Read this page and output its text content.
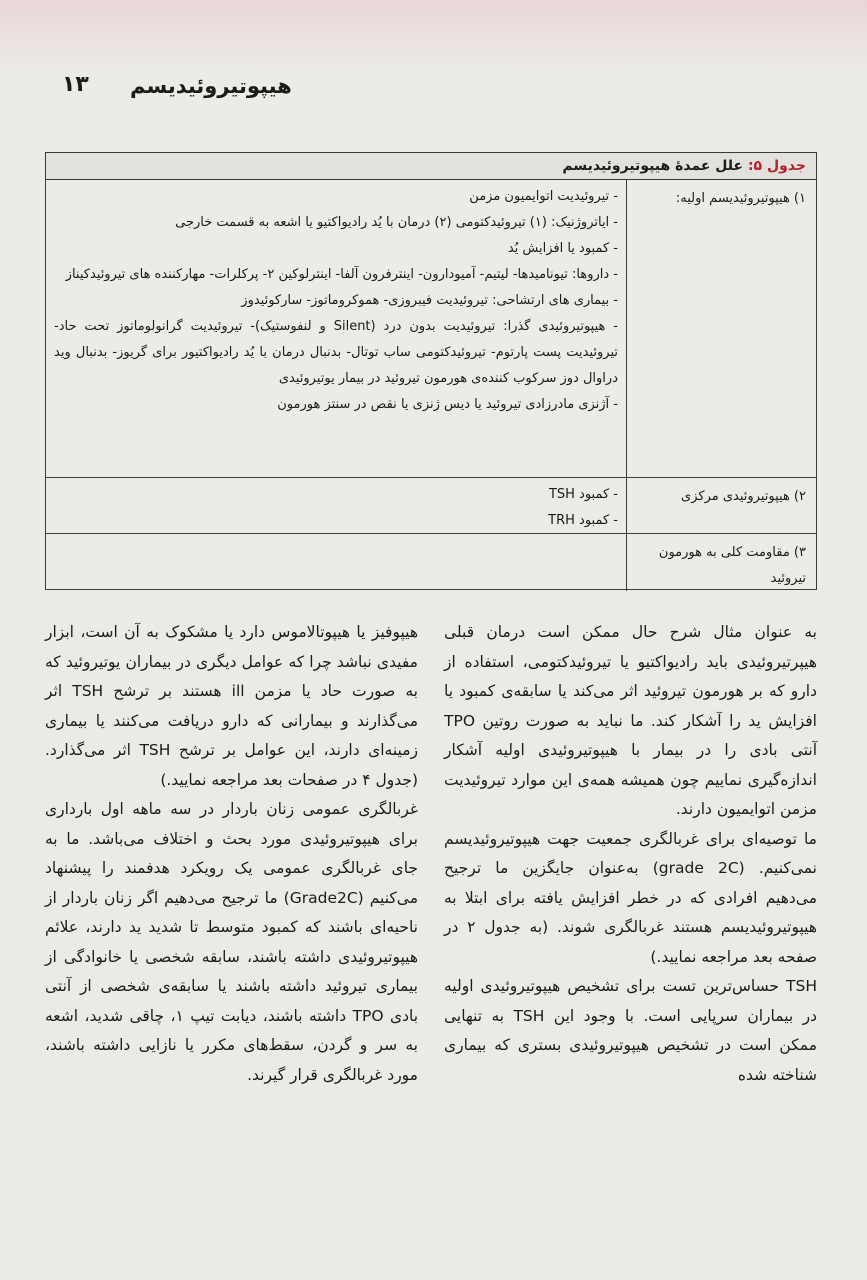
هیپوتیروئیدیسم
۱۳
جدول ۵: علل عمدهٔ هیپوتیروئیدیسم
۱) هیپوتیروئیدیسم اولیه:
- تیروئیدیت اتوایمیون مزمن
- ایاتروژنیک: (۱) تیروئیدکتومی (۲) درمان با یُد رادیواکتیو یا اشعه به قسمت خارجی
- کمبود یا افزایش یُد
- داروها: تیونامیدها- لیتیم- آمیودارون- اینترفرون آلفا- اینترلوکین ۲- پرکلرات- مهارکننده های تیروئیدکیناز
- بیماری های ارتشاحی: تیروئیدیت فیبروزی- هموکروماتوز- سارکوئیدوز
- هیپوتیروئیدی گذرا: تیروئیدیت بدون درد (Silent و لنفوستیک)- تیروئیدیت گرانولوماتوز تحت حاد- تیروئیدیت پست پارتوم- تیروئیدکتومی ساب توتال- بدنبال درمان با یُد رادیواکتیور برای گریوز- بدنبال وید دراوال دوز سرکوب کننده‌ی هورمون تیروئید در بیمار یوتیروئیدی
- آژنزی مادرزادی تیروئید یا دیس ژنزی یا نقص در سنتز هورمون
۲) هیپوتیروئیدی مرکزی
- کمبود TSH
- کمبود TRH
۳) مقاومت کلی به هورمون تیروئید

به عنوان مثال شرح حال ممکن است درمان قبلی هیپرتیروئیدی باید رادیواکتیو یا تیروئیدکتومی، استفاده از دارو که بر هورمون تیروئید اثر می‌کند یا سابقه‌ی کمبود یا افزایش ید را آشکار کند. ما نباید به صورت روتین TPO آنتی بادی را در بیمار با هیپوتیروئیدی اولیه آشکار اندازه‌گیری نماییم چون همیشه همه‌ی این موارد تیروئیدیت مزمن اتوایمیون دارند.

ما توصیه‌ای برای غربالگری جمعیت جهت هیپوتیروئیدیسم نمی‌کنیم. (grade 2C) به‌عنوان جایگزین ما ترجیح می‌دهیم افرادی که در خطر افزایش یافته برای ابتلا به هیپوتیروئیدیسم هستند غربالگری شوند. (به جدول ۲ در صفحه بعد مراجعه نمایید.)

TSH حساس‌ترین تست برای تشخیص هیپوتیروئیدی اولیه در بیماران سرپایی است. با وجود این TSH به تنهایی ممکن است در تشخیص هیپوتیروئیدی بستری که بیماری شناخته شده

هیپوفیز یا هیپوتالاموس دارد یا مشکوک به آن است، ابزار مفیدی نباشد چرا که عوامل دیگری در بیماران یوتیروئید که به صورت حاد یا مزمن ill هستند بر ترشح TSH اثر می‌گذارند و بیمارانی که دارو دریافت می‌کنند یا بیماری زمینه‌ای دارند، این عوامل بر ترشح TSH اثر می‌گذارد. (جدول ۴ در صفحات بعد مراجعه نمایید.)

غربالگری عمومی زنان باردار در سه ماهه اول بارداری برای هیپوتیروئیدی مورد بحث و اختلاف می‌باشد. ما به جای غربالگری عمومی یک رویکرد هدفمند را پیشنهاد می‌کنیم (Grade2C) ما ترجیح می‌دهیم اگر زنان باردار از ناحیه‌ای باشند که کمبود متوسط تا شدید ید دارند، علائم هیپوتیروئیدی داشته باشند، سابقه شخصی یا خانوادگی از بیماری تیروئید داشته باشند یا سابقه‌ی شخصی از آنتی بادی TPO داشته باشند، دیابت تیپ ۱، چاقی شدید، اشعه به سر و گردن، سقط‌های مکرر یا نازایی داشته باشند، مورد غربالگری قرار گیرند.
